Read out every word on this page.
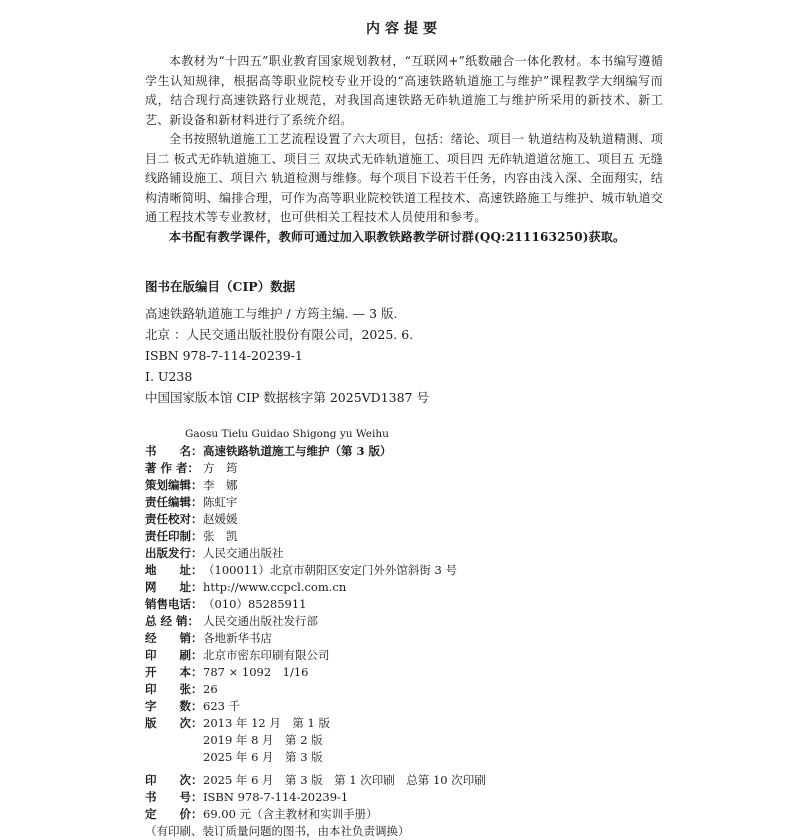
内容提要

本教材为“十四五”职业教育国家规划教材，“互联网+”纸数融合一体化教材。本书编写遵循学生认知规律，根据高等职业院校专业开设的“高速铁路轨道施工与维护”课程教学大纲编写而成，结合现行高速铁路行业规范，对我国高速铁路无砟轨道施工与维护所采用的新技术、新工艺、新设备和新材料进行了系统介绍。

全书按照轨道施工工艺流程设置了六大项目，包括：绪论、项目一 轨道结构及轨道精测、项目二 板式无砟轨道施工、项目三 双块式无砟轨道施工、项目四 无砟轨道道岔施工、项目五 无缝线路铺设施工、项目六 轨道检测与维修。每个项目下设若干任务，内容由浅入深、全面翔实，结构清晰简明、编排合理，可作为高等职业院校铁道工程技术、高速铁路施工与维护、城市轨道交通工程技术等专业教材，也可供相关工程技术人员使用和参考。

本书配有教学课件，教师可通过加入职教铁路教学研讨群(QQ:211163250)获取。

图书在版编目（CIP）数据

高速铁路轨道施工与维护 / 方筠主编. — 3 版.

北京 ：人民交通出版社股份有限公司，2025. 6.

ISBN 978-7-114-20239-1

Ⅰ. U238

中国国家版本馆 CIP 数据核字第 2025VD1387 号

Gaosu Tielu Guidao Shigong yu Weihu
书　　名： 高速铁路轨道施工与维护（第 3 版）
著 作 者： 方　筠
策划编辑： 李　娜
责任编辑： 陈虹宇
责任校对： 赵媛媛
责任印制： 张　凯
出版发行： 人民交通出版社
地　　址： （100011）北京市朝阳区安定门外外馆斜街 3 号
网　　址： http://www.ccpcl.com.cn
销售电话： （010）85285911
总 经 销： 人民交通出版社发行部
经　　销： 各地新华书店
印　　刷： 北京市密东印刷有限公司
开　　本： 787 × 1092　1/16
印　　张： 26
字　　数： 623 千
版　　次： 2013 年 12 月　第 1 版
2019 年 8 月　第 2 版
2025 年 6 月　第 3 版
印　　次： 2025 年 6 月　第 3 版　第 1 次印刷　总第 10 次印刷
书　　号： ISBN 978-7-114-20239-1
定　　价： 69.00 元（含主教材和实训手册）
（有印刷、装订质量问题的图书，由本社负责调换）
